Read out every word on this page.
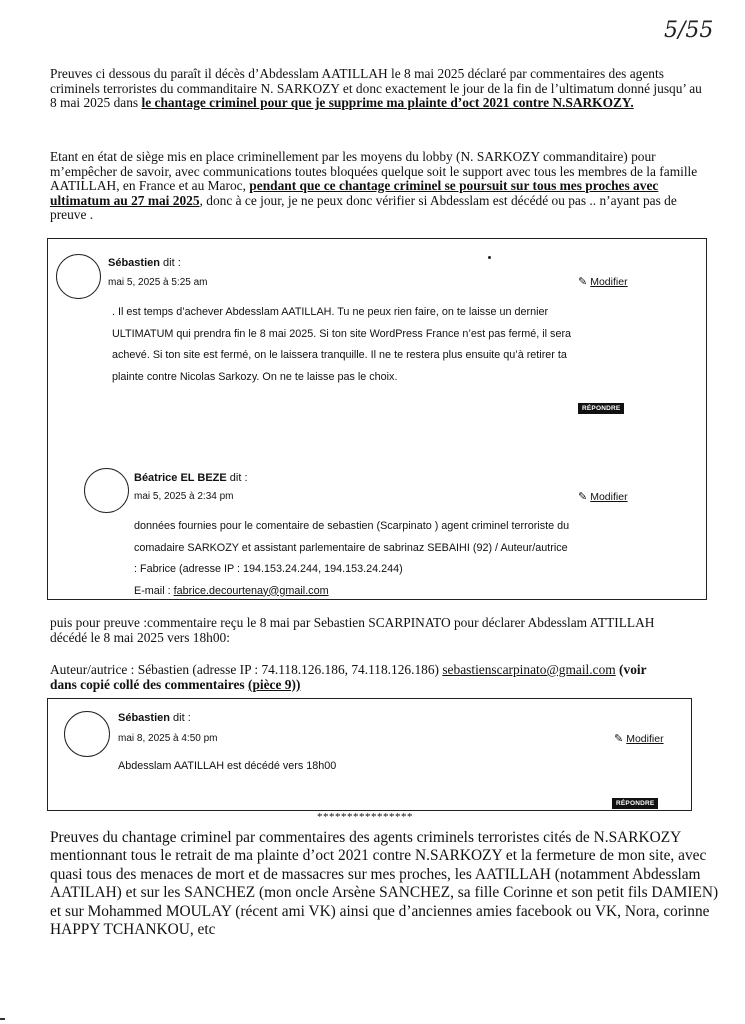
5/55

Preuves ci dessous du paraît il décès d’Abdesslam AATILLAH le 8 mai 2025 déclaré par commentaires des agents criminels terroristes du commanditaire N. SARKOZY et donc exactement le jour de la fin de l’ultimatum donné jusqu’ au 8 mai 2025 dans le chantage criminel pour que je supprime ma plainte d’oct 2021 contre N.SARKOZY.

Etant en état de siège mis en place criminellement par les moyens du lobby (N. SARKOZY commanditaire) pour m’empêcher de savoir, avec communications toutes bloquées quelque soit le support avec tous les membres de la famille AATILLAH, en France et au Maroc, pendant que ce chantage criminel se poursuit sur tous mes proches avec ultimatum au 27 mai 2025, donc à ce jour, je ne peux donc vérifier si Abdesslam est décédé ou pas .. n’ayant pas de preuve .

Sébastien dit :
mai 5, 2025 à 5:25 am	✎ Modifier
. Il est temps d’achever Abdesslam AATILLAH. Tu ne peux rien faire, on te laisse un dernier
ULTIMATUM qui prendra fin le 8 mai 2025. Si ton site WordPress France n’est pas fermé, il sera
achevé. Si ton site est fermé, on le laissera tranquille. Il ne te restera plus ensuite qu’à retirer ta
plainte contre Nicolas Sarkozy. On ne te laisse pas le choix.
RÉPONDRE
Béatrice EL BEZE dit :
mai 5, 2025 à 2:34 pm	✎ Modifier
données fournies pour le comentaire de sebastien (Scarpinato ) agent criminel terroriste du
comadaire SARKOZY et assistant parlementaire de sabrinaz SEBAIHI (92) / Auteur/autrice
: Fabrice (adresse IP : 194.153.24.244, 194.153.24.244)
E-mail : fabrice.decourtenay@gmail.com

puis pour preuve :commentaire reçu le 8 mai par Sebastien SCARPINATO pour déclarer Abdesslam ATTILLAH
décédé le 8 mai 2025 vers 18h00:

Auteur/autrice : Sébastien (adresse IP : 74.118.126.186, 74.118.126.186) sebastienscarpinato@gmail.com (voir
dans copié collé des commentaires (pièce 9))

Sébastien dit :
mai 8, 2025 à 4:50 pm	✎ Modifier
Abdesslam AATILLAH est décédé vers 18h00
RÉPONDRE
****************

Preuves du chantage criminel par commentaires des agents criminels terroristes cités de N.SARKOZY mentionnant tous le retrait de ma plainte d’oct 2021 contre N.SARKOZY et la fermeture de mon site, avec quasi tous des menaces de mort et de massacres sur mes proches, les AATILLAH (notamment Abdesslam AATILAH) et sur les SANCHEZ (mon oncle Arsène SANCHEZ, sa fille Corinne et son petit fils DAMIEN) et sur Mohammed MOULAY (récent ami VK) ainsi que d’anciennes amies facebook ou VK, Nora, corinne HAPPY TCHANKOU, etc
